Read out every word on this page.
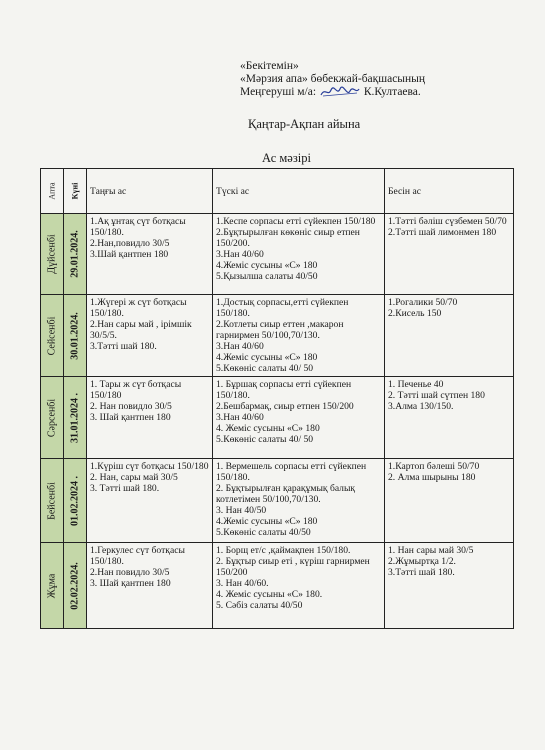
«Бекітемін»
«Мәрзия апа» бөбекжай-бақшасының
Меңгеруші м/а:	К.Култаева.
Қаңтар-Ақпан айына
Ас мәзірі
Апта	Күні	Таңғы ас	Түскі ас	Бесін ас

Дүйсенбі	29.01.2024.	1.Ақ ұнтақ сүт ботқасы 150/180.
2.Нан,повидло 30/5
3.Шай қантпен 180	1.Кеспе сорпасы етті сүйекпен 150/180
2.Бұқтырылған көкөніс сиыр етпен 150/200.
3.Нан 40/60
4.Жеміс сусыны «С» 180
5.Қызылша салаты 40/50	1.Тәтті бәліш сүзбемен 50/70
2.Тәтті шай лимонмен 180

Сейсенбі	30.01.2024.	1.Жүгері ж сүт ботқасы 150/180.
2.Нан сары май , ірімшік 30/5/5.
3.Тәтті шай 180.	1.Достық сорпасы,етті сүйекпен 150/180.
2.Котлеты сиыр еттен ,макарон гарнирмен 50/100,70/130.
3.Нан 40/60
4.Жеміс сусыны «С» 180
5.Көкөніс салаты 40/ 50	1.Рогалики 50/70
2.Кисель 150

Сәрсенбі	31.01.2024 .	1. Тары ж сүт ботқасы 150/180
2. Нан повидло 30/5
3. Шай қантпен 180	1. Бұршақ сорпасы етті сүйекпен 150/180.
2.Бешбармақ, сиыр етпен 150/200
3.Нан 40/60
4. Жеміс сусыны «С» 180
5.Көкөніс салаты 40/ 50	1. Печенье 40
2. Тәтті шай сүтпен 180
3.Алма 130/150.

Бейсенбі	01.02.2024 .	1.Күріш сүт ботқасы 150/180
2. Нан, сары май 30/5
3. Тәтті шай 180.	1. Вермешель сорпасы етті сүйекпен 150/180.
2. Бұқтырылған қарақұмық балық котлетімен 50/100,70/130.
3. Нан 40/50
4.Жеміс сусыны «С» 180
5.Көкөніс салаты 40/50	1.Картоп бәлеші 50/70
2. Алма шырыны 180

Жұма	02.02.2024.	1.Геркулес сүт ботқасы 150/180.
2.Нан повидло 30/5
3. Шай қантпен 180	1. Борщ ет/с ,қаймақпен 150/180.
2. Бұқтыр сиыр еті , күріш гарнирмен 150/200
3. Нан 40/60.
4. Жеміс сусыны «С» 180.
5. Сәбіз салаты 40/50	1. Нан сары май 30/5
2.Жұмыртқа 1/2.
3.Тәтті шай 180.
